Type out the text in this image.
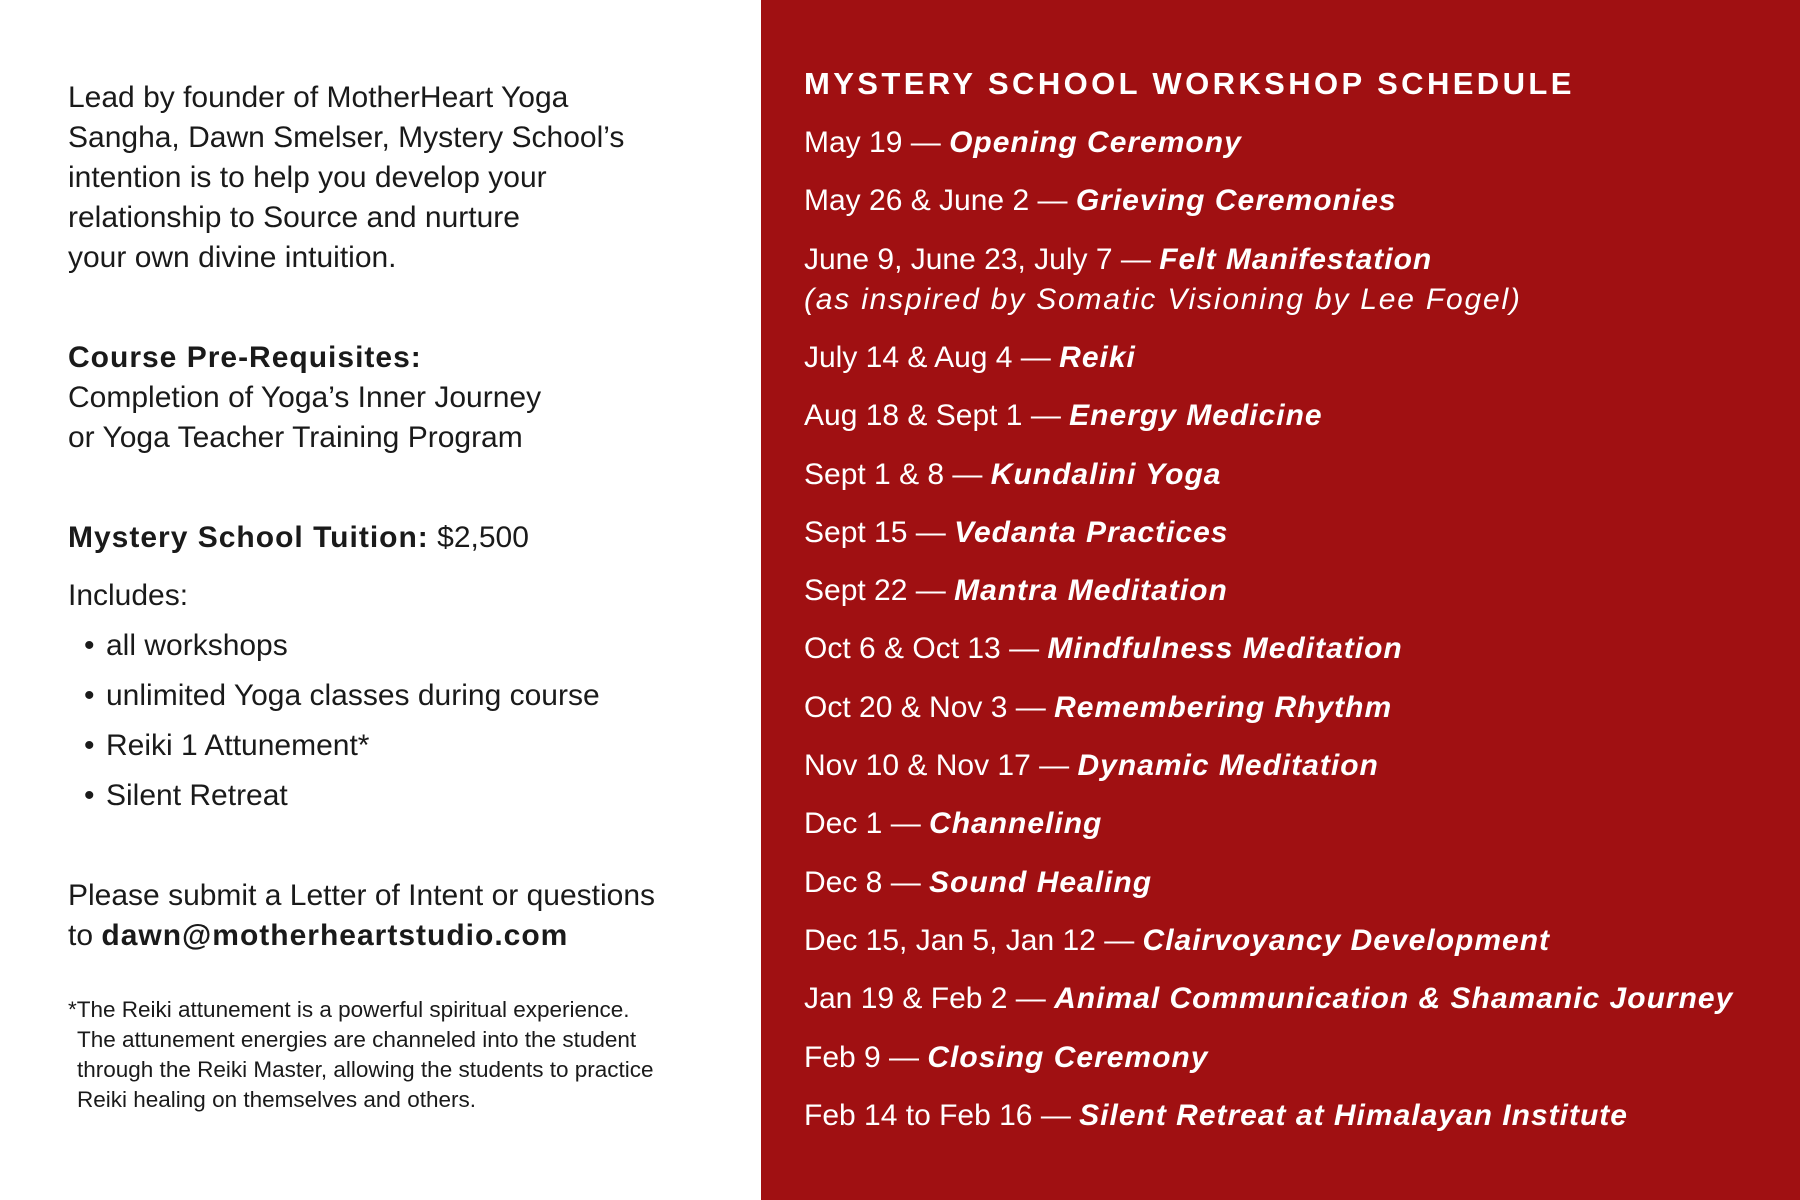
Lead by founder of MotherHeart Yoga
Sangha, Dawn Smelser, Mystery School’s
intention is to help you develop your
relationship to Source and nurture
your own divine intuition.

Course Pre-Requisites:
Completion of Yoga’s Inner Journey
or Yoga Teacher Training Program

Mystery School Tuition: $2,500

Includes:

• all workshops
• unlimited Yoga classes during course
• Reiki 1 Attunement*
• Silent Retreat

Please submit a Letter of Intent or questions
to dawn@motherheartstudio.com

*The Reiki attunement is a powerful spiritual experience.
The attunement energies are channeled into the student
through the Reiki Master, allowing the students to practice
Reiki healing on themselves and others.

MYSTERY SCHOOL WORKSHOP SCHEDULE
May 19 — Opening Ceremony
May 26 & June 2 — Grieving Ceremonies
June 9, June 23, July 7 — Felt Manifestation
(as inspired by Somatic Visioning by Lee Fogel)
July 14 & Aug 4 — Reiki
Aug 18 & Sept 1 — Energy Medicine
Sept 1 & 8 — Kundalini Yoga
Sept 15 — Vedanta Practices
Sept 22 — Mantra Meditation
Oct 6 & Oct 13 — Mindfulness Meditation
Oct 20 & Nov 3 — Remembering Rhythm
Nov 10 & Nov 17 — Dynamic Meditation
Dec 1 — Channeling
Dec 8 — Sound Healing
Dec 15, Jan 5, Jan 12 — Clairvoyancy Development
Jan 19 & Feb 2 — Animal Communication & Shamanic Journey
Feb 9 — Closing Ceremony
Feb 14 to Feb 16 — Silent Retreat at Himalayan Institute
